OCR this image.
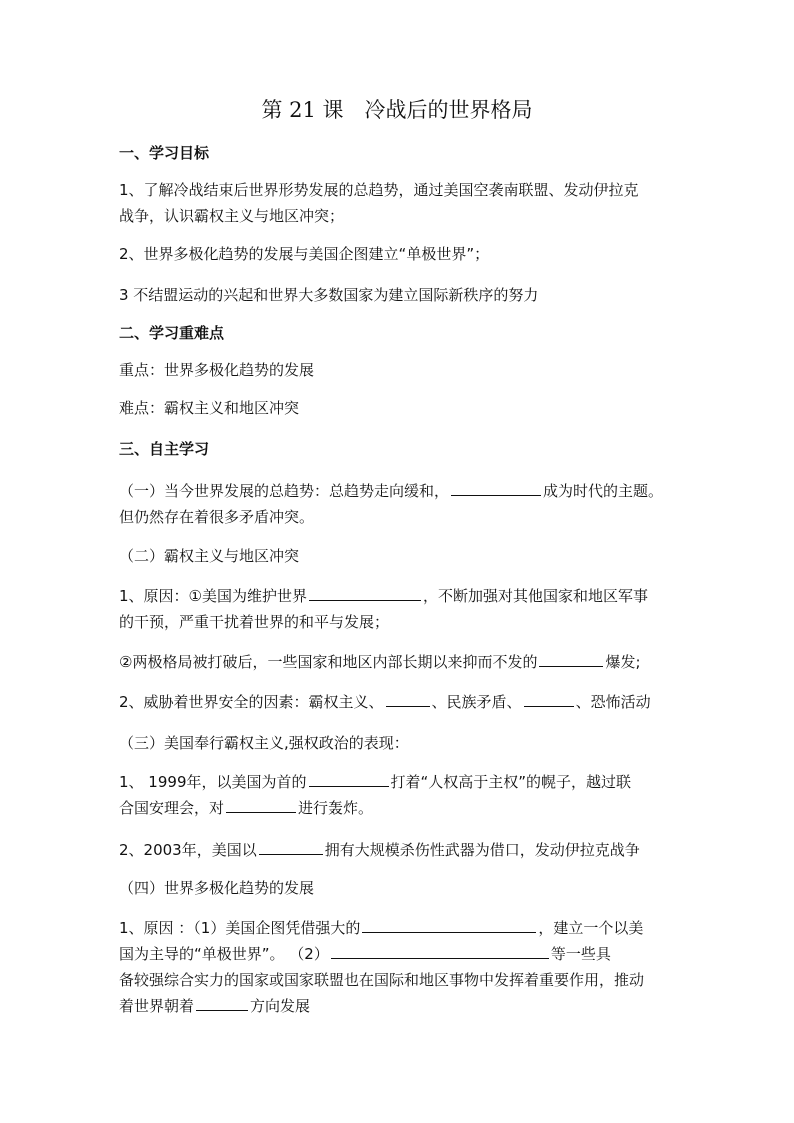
第 21 课　冷战后的世界格局
一、学习目标
1、了解冷战结束后世界形势发展的总趋势，通过美国空袭南联盟、发动伊拉克
战争，认识霸权主义与地区冲突；
2、世界多极化趋势的发展与美国企图建立“单极世界”；
3 不结盟运动的兴起和世界大多数国家为建立国际新秩序的努力
二、学习重难点
重点：世界多极化趋势的发展
难点：霸权主义和地区冲突
三、自主学习
（一）当今世界发展的总趋势：总趋势走向缓和，	成为时代的主题。
但仍然存在着很多矛盾冲突。
（二）霸权主义与地区冲突
1、原因：①美国为维护世界	，不断加强对其他国家和地区军事
的干预，严重干扰着世界的和平与发展；
②两极格局被打破后，一些国家和地区内部长期以来抑而不发的	爆发;
2、威胁着世界安全的因素：霸权主义、	、民族矛盾、	、恐怖活动
（三）美国奉行霸权主义,强权政治的表现：
1、 1999年，以美国为首的	打着“人权高于主权”的幌子，越过联
合国安理会，对	进行轰炸。
2、2003年，美国以	拥有大规模杀伤性武器为借口，发动伊拉克战争
（四）世界多极化趋势的发展
1、原因 ：（1）美国企图凭借强大的	，建立一个以美
国为主导的“单极世界”。 （2）	等一些具
备较强综合实力的国家或国家联盟也在国际和地区事物中发挥着重要作用，推动
着世界朝着	方向发展
